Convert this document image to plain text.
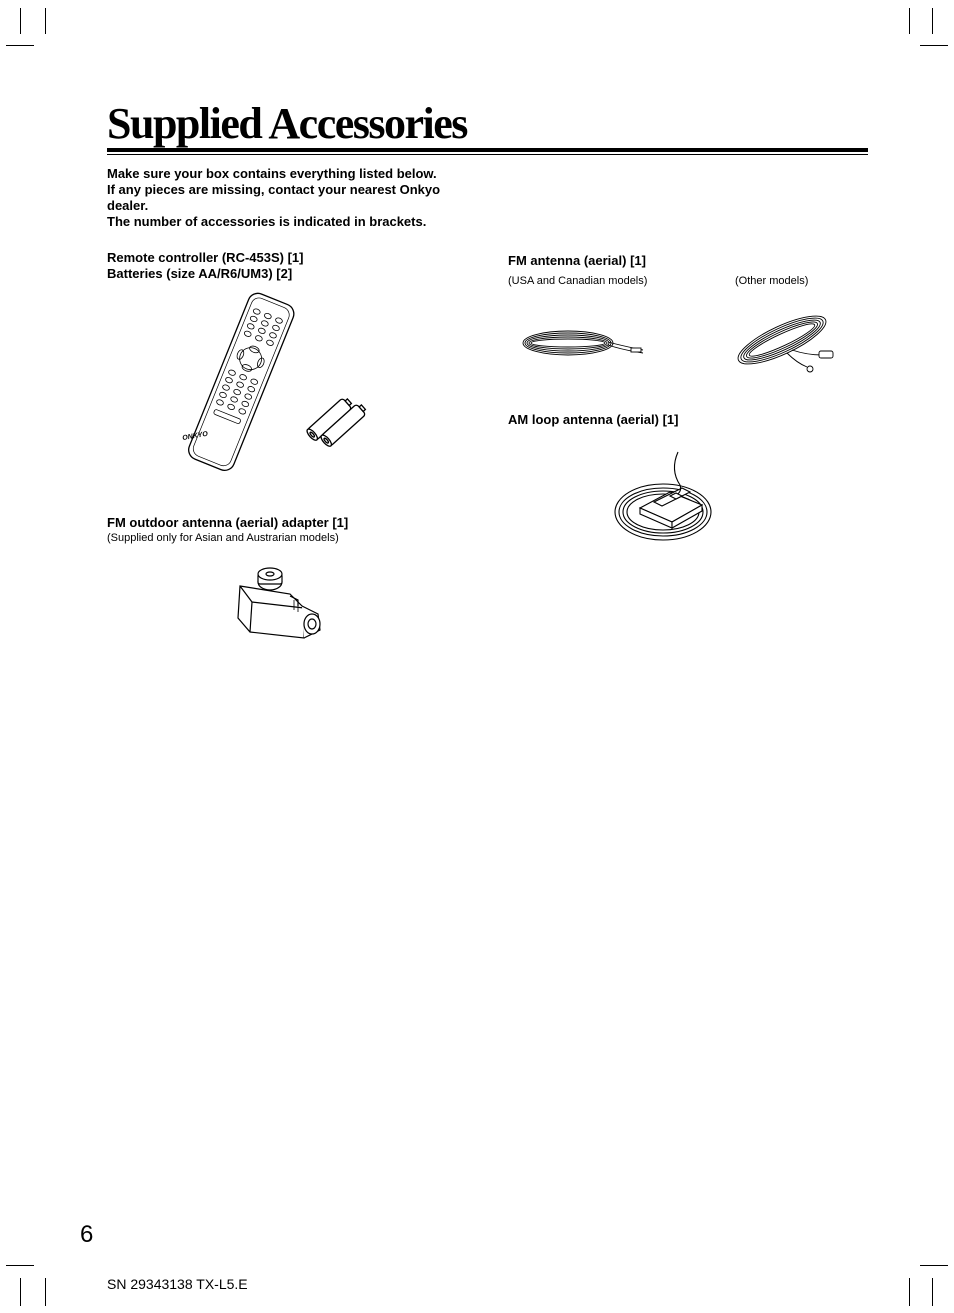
Supplied Accessories
Make sure your box contains everything listed below.
If any pieces are missing, contact your nearest Onkyo
dealer.
The number of accessories is indicated in brackets.
Remote controller (RC-453S) [1]
Batteries (size AA/R6/UM3) [2]
ONKYO
FM antenna (aerial) [1]
(USA and Canadian models)	(Other models)
AM loop antenna (aerial) [1]
FM outdoor antenna (aerial) adapter [1]
(Supplied only for Asian and Austrarian models)
6
SN 29343138 TX-L5.E
